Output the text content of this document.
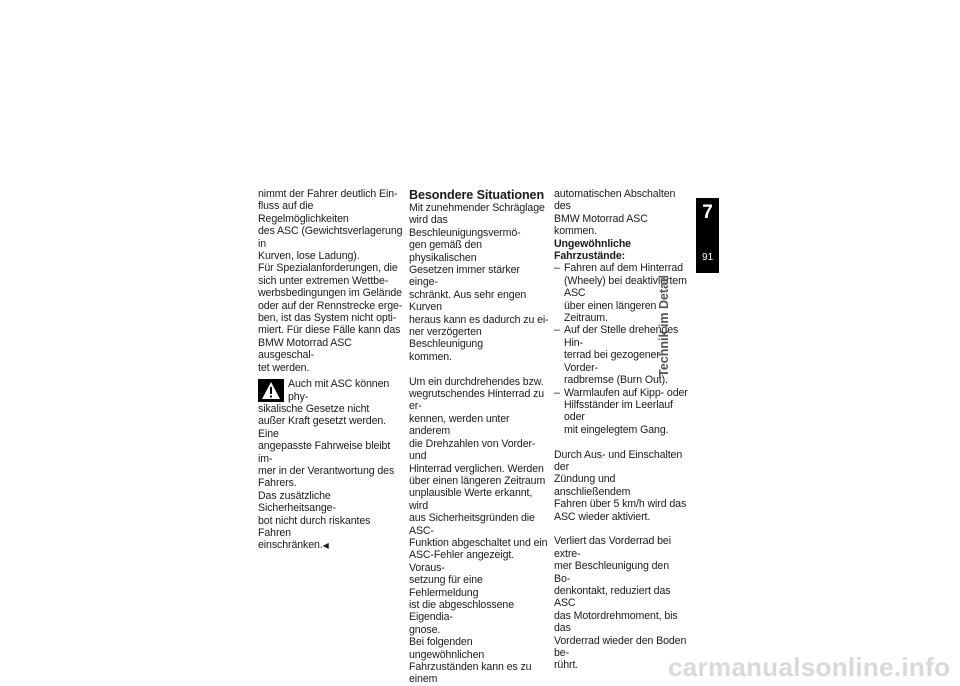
nimmt der Fahrer deutlich Ein-

fluss auf die Regelmöglichkeiten

des ASC (Gewichtsverlagerung in

Kurven, lose Ladung).

Für Spezialanforderungen, die

sich unter extremen Wettbe-

werbsbedingungen im Gelände

oder auf der Rennstrecke erge-

ben, ist das System nicht opti-

miert. Für diese Fälle kann das

BMW Motorrad ASC ausgeschal-

tet werden.

Auch mit ASC können phy-

sikalische Gesetze nicht

außer Kraft gesetzt werden. Eine

angepasste Fahrweise bleibt im-

mer in der Verantwortung des

Fahrers.

Das zusätzliche Sicherheitsange-

bot nicht durch riskantes Fahren

einschränken.◀

Besondere Situationen

Mit zunehmender Schräglage

wird das Beschleunigungsvermö-

gen gemäß den physikalischen

Gesetzen immer stärker einge-

schränkt. Aus sehr engen Kurven

heraus kann es dadurch zu ei-

ner verzögerten Beschleunigung

kommen.

Um ein durchdrehendes bzw.

wegrutschendes Hinterrad zu er-

kennen, werden unter anderem

die Drehzahlen von Vorder- und

Hinterrad verglichen. Werden

über einen längeren Zeitraum

unplausible Werte erkannt, wird

aus Sicherheitsgründen die ASC-

Funktion abgeschaltet und ein

ASC-Fehler angezeigt. Voraus-

setzung für eine Fehlermeldung

ist die abgeschlossene Eigendia-

gnose.

Bei folgenden ungewöhnlichen

Fahrzuständen kann es zu einem

automatischen Abschalten des

BMW Motorrad ASC kommen.

Ungewöhnliche

Fahrzustände:

– Fahren auf dem Hinterrad

(Wheely) bei deaktiviertem ASC

über einen längeren Zeitraum.

– Auf der Stelle drehendes Hin-

terrad bei gezogener Vorder-

radbremse (Burn Out).

– Warmlaufen auf Kipp- oder

Hilfsständer im Leerlauf oder

mit eingelegtem Gang.

Durch Aus- und Einschalten der

Zündung und anschließendem

Fahren über 5 km/h wird das

ASC wieder aktiviert.

Verliert das Vorderrad bei extre-

mer Beschleunigung den Bo-

denkontakt, reduziert das ASC

das Motordrehmoment, bis das

Vorderrad wieder den Boden be-

rührt.

7
91
Technik im Detail
carmanualsonline.info
